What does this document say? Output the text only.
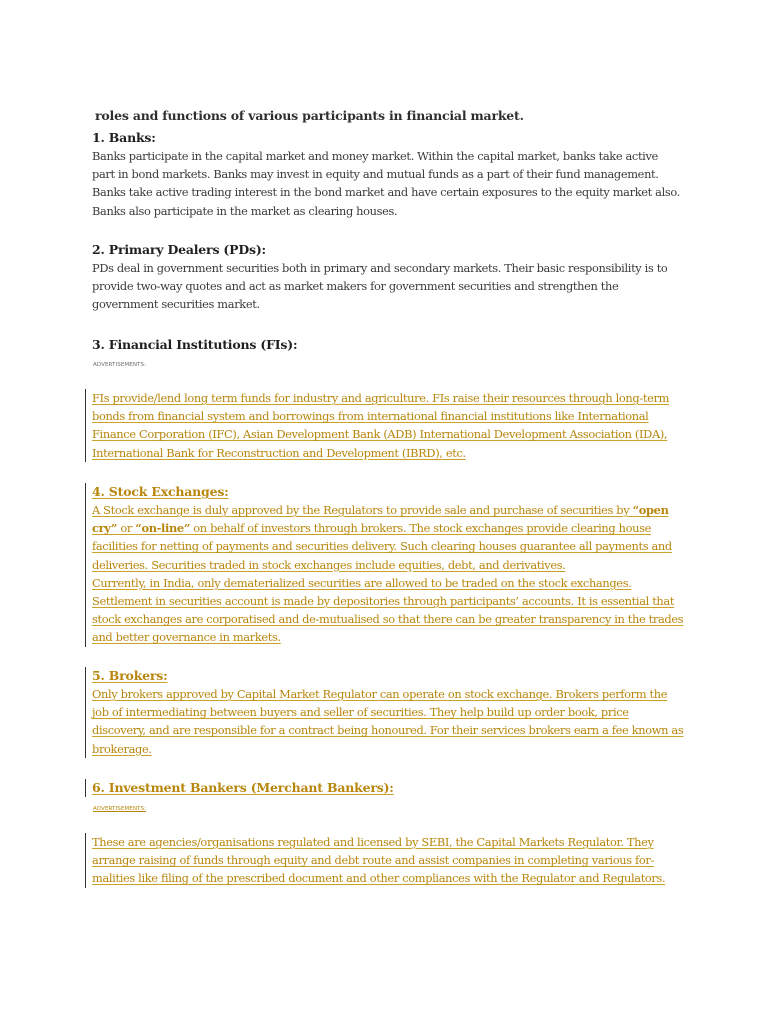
roles and functions of various participants in financial market.
1. Banks:
Banks participate in the capital market and money market. Within the capital market, banks take active
part in bond markets. Banks may invest in equity and mutual funds as a part of their fund management.
Banks take active trading interest in the bond market and have certain exposures to the equity market also.
Banks also participate in the market as clearing houses.
2. Primary Dealers (PDs):
PDs deal in government securities both in primary and secondary markets. Their basic responsibility is to
provide two-way quotes and act as market makers for government securities and strengthen the
government securities market.
3. Financial Institutions (FIs):
ADVERTISEMENTS:
FIs provide/lend long term funds for industry and agriculture. FIs raise their resources through long-term
bonds from financial system and borrowings from international financial institutions like International
Finance Corporation (IFC), Asian Development Bank (ADB) International Development Association (IDA),
International Bank for Reconstruction and Development (IBRD), etc.
4. Stock Exchanges:
A Stock exchange is duly approved by the Regulators to provide sale and purchase of securities by “open
cry” or “on-line” on behalf of investors through brokers. The stock exchanges provide clearing house
facilities for netting of payments and securities delivery. Such clearing houses guarantee all payments and
deliveries. Securities traded in stock exchanges include equities, debt, and derivatives.
Currently, in India, only dematerialized securities are allowed to be traded on the stock exchanges.
Settlement in securities account is made by depositories through participants’ accounts. It is essential that
stock exchanges are corporatised and de-mutualised so that there can be greater transparency in the trades
and better governance in markets.
5. Brokers:
Only brokers approved by Capital Market Regulator can operate on stock exchange. Brokers perform the
job of intermediating between buyers and seller of securities. They help build up order book, price
discovery, and are responsible for a contract being honoured. For their services brokers earn a fee known as
brokerage.
6. Investment Bankers (Merchant Bankers):
ADVERTISEMENTS:
These are agencies/organisations regulated and licensed by SEBI, the Capital Markets Regulator. They
arrange raising of funds through equity and debt route and assist companies in completing various for-
malities like filing of the prescribed document and other compliances with the Regulator and Regulators.
